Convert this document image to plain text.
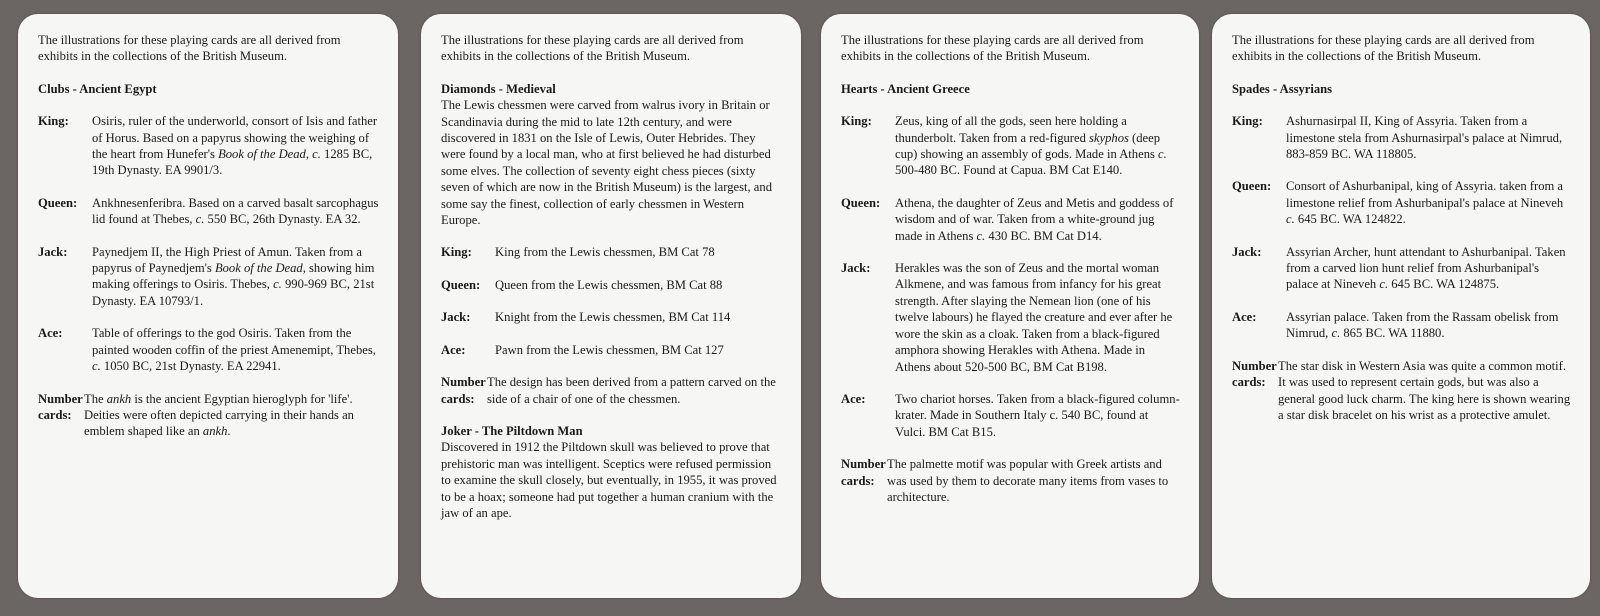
The illustrations for these playing cards are all derived from exhibits in the collections of the British Museum.

Clubs - Ancient Egypt

King:	Osiris, ruler of the underworld, consort of Isis and father of Horus. Based on a papyrus showing the weighing of the heart from Hunefer's Book of the Dead, c. 1285 BC, 19th Dynasty. EA 9901/3.
Queen:	Ankhnesenferibra. Based on a carved basalt sarcophagus lid found at Thebes, c. 550 BC, 26th Dynasty. EA 32.
Jack:	Paynedjem II, the High Priest of Amun. Taken from a papyrus of Paynedjem's Book of the Dead, showing him making offerings to Osiris. Thebes, c. 990-969 BC, 21st Dynasty. EA 10793/1.
Ace:	Table of offerings to the god Osiris. Taken from the painted wooden coffin of the priest Amenemipt, Thebes, c. 1050 BC, 21st Dynasty. EA 22941.
Number cards:
The ankh is the ancient Egyptian hieroglyph for 'life'. Deities were often depicted carrying in their hands an emblem shaped like an ankh.

The illustrations for these playing cards are all derived from exhibits in the collections of the British Museum.

Diamonds - Medieval

The Lewis chessmen were carved from walrus ivory in Britain or Scandinavia during the mid to late 12th century, and were discovered in 1831 on the Isle of Lewis, Outer Hebrides. They were found by a local man, who at first believed he had disturbed some elves. The collection of seventy eight chess pieces (sixty seven of which are now in the British Museum) is the largest, and some say the finest, collection of early chessmen in Western Europe.

King:	King from the Lewis chessmen, BM Cat 78
Queen:	Queen from the Lewis chessmen, BM Cat 88
Jack:	Knight from the Lewis chessmen, BM Cat 114
Ace:	Pawn from the Lewis chessmen, BM Cat 127
Number cards:
The design has been derived from a pattern carved on the side of a chair of one of the chessmen.

Joker - The Piltdown Man

Discovered in 1912 the Piltdown skull was believed to prove that prehistoric man was intelligent. Sceptics were refused permission to examine the skull closely, but eventually, in 1955, it was proved to be a hoax; someone had put together a human cranium with the jaw of an ape.

The illustrations for these playing cards are all derived from exhibits in the collections of the British Museum.

Hearts - Ancient Greece

King:	Zeus, king of all the gods, seen here holding a thunderbolt. Taken from a red-figured skyphos (deep cup) showing an assembly of gods. Made in Athens c. 500-480 BC. Found at Capua. BM Cat E140.
Queen:	Athena, the daughter of Zeus and Metis and goddess of wisdom and of war. Taken from a white-ground jug made in Athens c. 430 BC. BM Cat D14.
Jack:	Herakles was the son of Zeus and the mortal woman Alkmene, and was famous from infancy for his great strength. After slaying the Nemean lion (one of his twelve labours) he flayed the creature and ever after he wore the skin as a cloak. Taken from a black-figured amphora showing Herakles with Athena. Made in Athens about 520-500 BC, BM Cat B198.
Ace:	Two chariot horses. Taken from a black-figured column-krater. Made in Southern Italy c. 540 BC, found at Vulci. BM Cat B15.
Number cards:
The palmette motif was popular with Greek artists and was used by them to decorate many items from vases to architecture.

The illustrations for these playing cards are all derived from exhibits in the collections of the British Museum.

Spades - Assyrians

King:	Ashurnasirpal II, King of Assyria. Taken from a limestone stela from Ashurnasirpal's palace at Nimrud, 883-859 BC. WA 118805.
Queen:	Consort of Ashurbanipal, king of Assyria. taken from a limestone relief from Ashurbanipal's palace at Nineveh c. 645 BC. WA 124822.
Jack:	Assyrian Archer, hunt attendant to Ashurbanipal. Taken from a carved lion hunt relief from Ashurbanipal's palace at Nineveh c. 645 BC. WA 124875.
Ace:	Assyrian palace. Taken from the Rassam obelisk from Nimrud, c. 865 BC. WA 11880.
Number cards:
The star disk in Western Asia was quite a common motif. It was used to represent certain gods, but was also a general good luck charm. The king here is shown wearing a star disk bracelet on his wrist as a protective amulet.
